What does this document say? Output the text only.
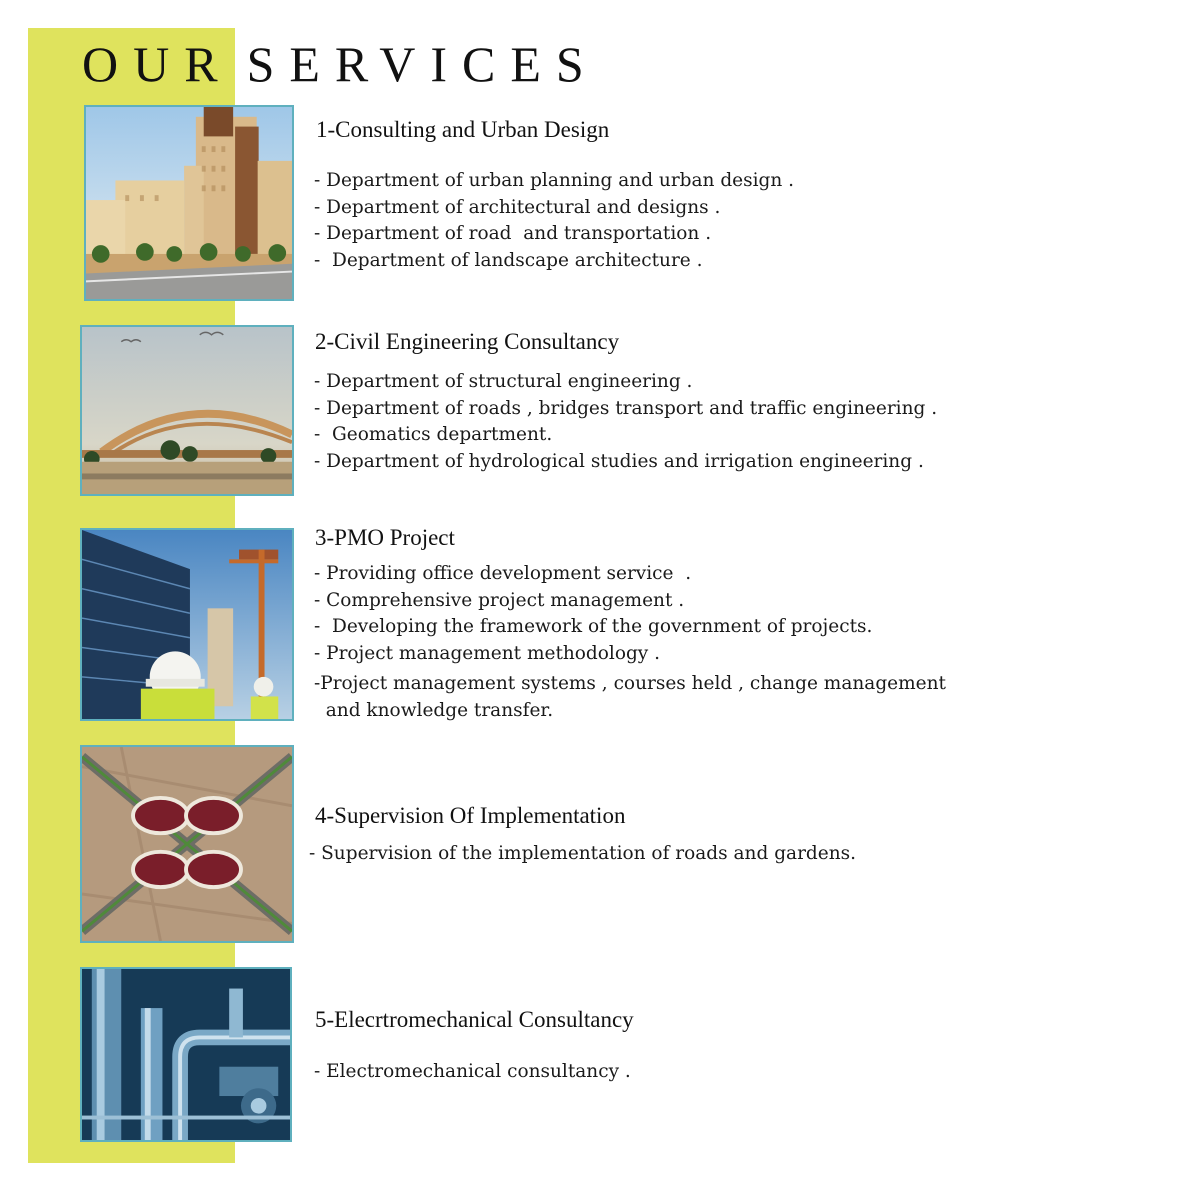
OUR SERVICES
1-Consulting and Urban Design
- Department of urban planning and urban design .
- Department of architectural and designs .
- Department of road  and transportation .
-  Department of landscape architecture .
2-Civil Engineering Consultancy
- Department of structural engineering .
- Department of roads , bridges transport and traffic engineering .
-  Geomatics department.
- Department of hydrological studies and irrigation engineering .
3-PMO Project
- Providing office development service  .
- Comprehensive project management .
-  Developing the framework of the government of projects.
- Project management methodology .
-Project management systems , courses held , change management
and knowledge transfer.
4-Supervision Of Implementation
- Supervision of the implementation of roads and gardens.
5-Elecrtromechanical Consultancy
- Electromechanical consultancy .
